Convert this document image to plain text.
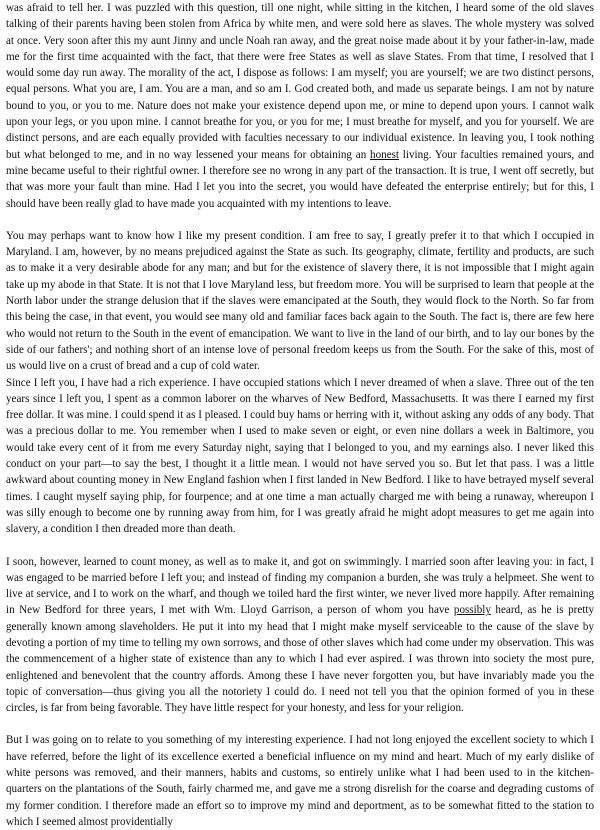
was afraid to tell her. I was puzzled with this question, till one night, while sitting in the kitchen, I heard some of the old slaves talking of their parents having been stolen from Africa by white men, and were sold here as slaves. The whole mystery was solved at once. Very soon after this my aunt Jinny and uncle Noah ran away, and the great noise made about it by your father-in-law, made me for the first time acquainted with the fact, that there were free States as well as slave States. From that time, I resolved that I would some day run away. The morality of the act, I dispose as follows: I am myself; you are yourself; we are two distinct persons, equal persons. What you are, I am. You are a man, and so am I. God created both, and made us separate beings. I am not by nature bound to you, or you to me. Nature does not make your existence depend upon me, or mine to depend upon yours. I cannot walk upon your legs, or you upon mine. I cannot breathe for you, or you for me; I must breathe for myself, and you for yourself. We are distinct persons, and are each equally provided with faculties necessary to our individual existence. In leaving you, I took nothing but what belonged to me, and in no way lessened your means for obtaining an honest living. Your faculties remained yours, and mine became useful to their rightful owner. I therefore see no wrong in any part of the transaction. It is true, I went off secretly, but that was more your fault than mine. Had I let you into the secret, you would have defeated the enterprise entirely; but for this, I should have been really glad to have made you acquainted with my intentions to leave.

You may perhaps want to know how I like my present condition. I am free to say, I greatly prefer it to that which I occupied in Maryland. I am, however, by no means prejudiced against the State as such. Its geography, climate, fertility and products, are such as to make it a very desirable abode for any man; and but for the existence of slavery there, it is not impossible that I might again take up my abode in that State. It is not that I love Maryland less, but freedom more. You will be surprised to learn that people at the North labor under the strange delusion that if the slaves were emancipated at the South, they would flock to the North. So far from this being the case, in that event, you would see many old and familiar faces back again to the South. The fact is, there are few here who would not return to the South in the event of emancipation. We want to live in the land of our birth, and to lay our bones by the side of our fathers'; and nothing short of an intense love of personal freedom keeps us from the South. For the sake of this, most of us would live on a crust of bread and a cup of cold water.

Since I left you, I have had a rich experience. I have occupied stations which I never dreamed of when a slave. Three out of the ten years since I left you, I spent as a common laborer on the wharves of New Bedford, Massachusetts. It was there I earned my first free dollar. It was mine. I could spend it as I pleased. I could buy hams or herring with it, without asking any odds of any body. That was a precious dollar to me. You remember when I used to make seven or eight, or even nine dollars a week in Baltimore, you would take every cent of it from me every Saturday night, saying that I belonged to you, and my earnings also. I never liked this conduct on your part—to say the best, I thought it a little mean. I would not have served you so. But let that pass. I was a little awkward about counting money in New England fashion when I first landed in New Bedford. I like to have betrayed myself several times. I caught myself saying phip, for fourpence; and at one time a man actually charged me with being a runaway, whereupon I was silly enough to become one by running away from him, for I was greatly afraid he might adopt measures to get me again into slavery, a condition I then dreaded more than death.

I soon, however, learned to count money, as well as to make it, and got on swimmingly. I married soon after leaving you: in fact, I was engaged to be married before I left you; and instead of finding my companion a burden, she was truly a helpmeet. She went to live at service, and I to work on the wharf, and though we toiled hard the first winter, we never lived more happily. After remaining in New Bedford for three years, I met with Wm. Lloyd Garrison, a person of whom you have possibly heard, as he is pretty generally known among slaveholders. He put it into my head that I might make myself serviceable to the cause of the slave by devoting a portion of my time to telling my own sorrows, and those of other slaves which had come under my observation. This was the commencement of a higher state of existence than any to which I had ever aspired. I was thrown into society the most pure, enlightened and benevolent that the country affords. Among these I have never forgotten you, but have invariably made you the topic of conversation—thus giving you all the notoriety I could do. I need not tell you that the opinion formed of you in these circles, is far from being favorable. They have little respect for your honesty, and less for your religion.

But I was going on to relate to you something of my interesting experience. I had not long enjoyed the excellent society to which I have referred, before the light of its excellence exerted a beneficial influence on my mind and heart. Much of my early dislike of white persons was removed, and their manners, habits and customs, so entirely unlike what I had been used to in the kitchen-quarters on the plantations of the South, fairly charmed me, and gave me a strong disrelish for the coarse and degrading customs of my former condition. I therefore made an effort so to improve my mind and deportment, as to be somewhat fitted to the station to which I seemed almost providentially
